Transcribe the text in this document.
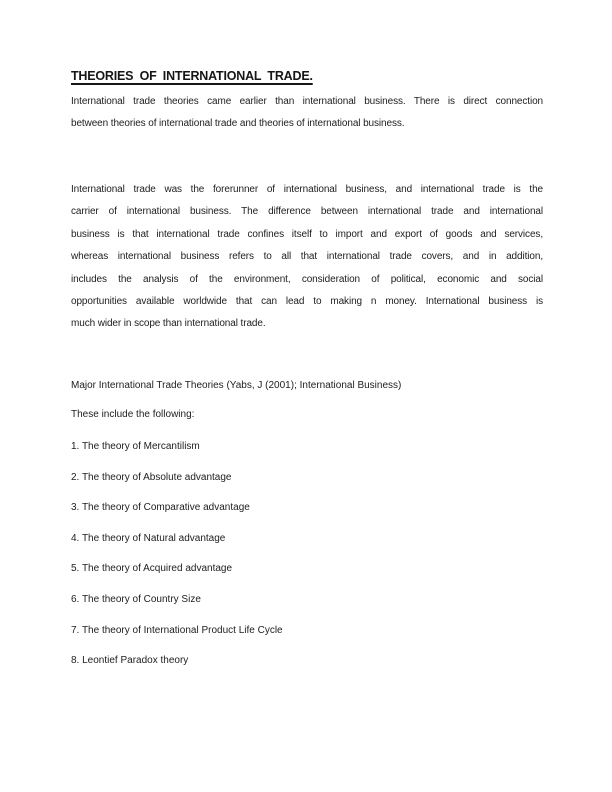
THEORIES OF INTERNATIONAL TRADE.
International trade theories came earlier than international business. There is direct connection
between theories of international trade and theories of international business.
International trade was the forerunner of international business, and international trade is the
carrier of international business. The difference between international trade and international
business is that international trade confines itself to import and export of goods and services,
whereas international business refers to all that international trade covers, and in addition,
includes the analysis of the environment, consideration of political, economic and social
opportunities available worldwide that can lead to making n money. International business is
much wider in scope than international trade.
Major International Trade Theories (Yabs, J (2001); International Business)
These include the following:
1. The theory of Mercantilism
2. The theory of Absolute advantage
3. The theory of Comparative advantage
4. The theory of Natural advantage
5. The theory of Acquired advantage
6. The theory of Country Size
7. The theory of International Product Life Cycle
8. Leontief Paradox theory
